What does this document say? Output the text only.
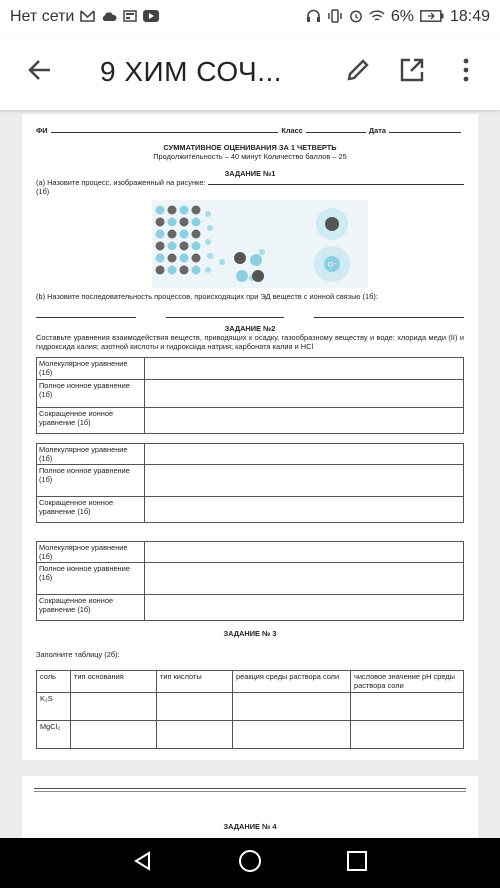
Нет сети	6% 18:49
9 ХИМ СОЧ...
ФИ	Класс	Дата
СУММАТИВНОЕ ОЦЕНИВАНИЯ ЗА 1 ЧЕТВЕРТЬ
Продолжительность – 40 минут Количество баллов – 25
ЗАДАНИЕ №1
(a) Назовите процесс, изображенный на рисунке:
(1б)
Cl⁻
(b) Назовите последовательность процессов, происходящих при ЭД веществ с ионной связью (1б):
ЗАДАНИЕ №2
Составьте уравнения взаимодействия веществ, приводящих к осадку, газообразному веществу и воде: хлорида меди (II) и гидроксида калия; азотной кислоты и гидроксида натрия; карбоната калия и HCl
Молекулярное уравнение (1б)	
Полное ионное уравнение (1б)	
Сокращенное ионное уравнение (1б)	
Молекулярное уравнение (1б)	
Полное ионное уравнение (1б)	
Сокращенное ионное уравнение (1б)	
Молекулярное уравнение (1б)	
Полное ионное уравнение (1б)	
Сокращенное ионное уравнение (1б)	
ЗАДАНИЕ № 3
Заполните таблицу (2б):
соль	тип основания	тип кислоты	реакция среды раствора соли	числовое значение pH среды раствора соли
K₂S				
MgCl₂				
ЗАДАНИЕ № 4
